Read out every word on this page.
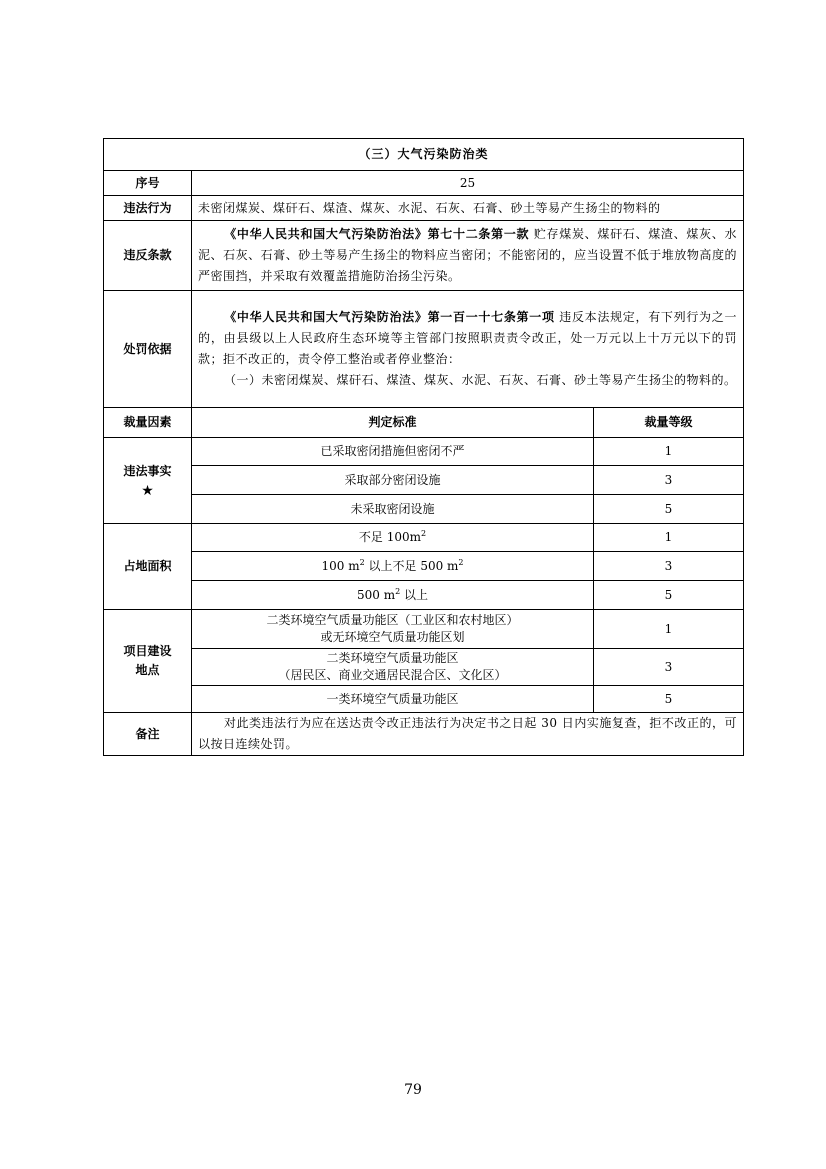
（三）大气污染防治类		
序号	25	
违法行为	未密闭煤炭、煤矸石、煤渣、煤灰、水泥、石灰、石膏、砂土等易产生扬尘的物料的	
违反条款	《中华人民共和国大气污染防治法》第七十二条第一款 贮存煤炭、煤矸石、煤渣、煤灰、水泥、石灰、石膏、砂土等易产生扬尘的物料应当密闭；不能密闭的，应当设置不低于堆放物高度的严密围挡，并采取有效覆盖措施防治扬尘污染。	
处罚依据	《中华人民共和国大气污染防治法》第一百一十七条第一项 违反本法规定，有下列行为之一的，由县级以上人民政府生态环境等主管部门按照职责责令改正，处一万元以上十万元以下的罚款；拒不改正的，责令停工整治或者停业整治：
（一）未密闭煤炭、煤矸石、煤渣、煤灰、水泥、石灰、石膏、砂土等易产生扬尘的物料的。	

裁量因素	判定标准	裁量等级
违法事实
★	已采取密闭措施但密闭不严	1
	采取部分密闭设施	3
	未采取密闭设施	5
占地面积	不足 $100m^2$	1
	100 $m^2$ 以上不足 500 $m^2$	3
	500 $m^2$ 以上	5

项目建设
地点	二类环境空气质量功能区（工业区和农村地区）
或无环境空气质量功能区划	1

	二类环境空气质量功能区
（居民区、商业交通居民混合区、文化区）	3
	一类环境空气质量功能区	5
备注	对此类违法行为应在送达责令改正违法行为决定书之日起 30 日内实施复查，拒不改正的，可以按日连续处罚。	
79
